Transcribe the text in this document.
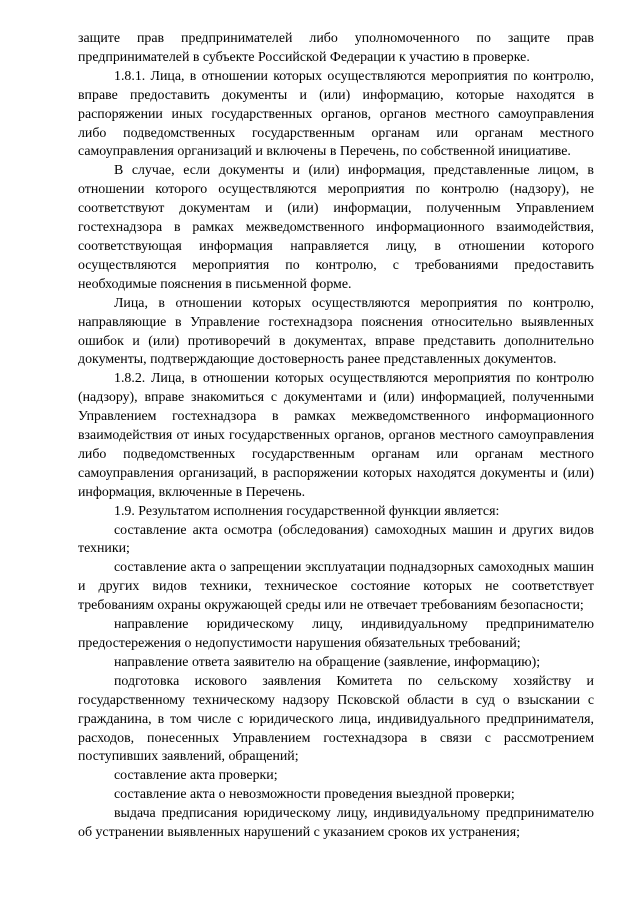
защите прав предпринимателей либо уполномоченного по защите прав предпринимателей в субъекте Российской Федерации к участию в проверке.

1.8.1. Лица, в отношении которых осуществляются мероприятия по контролю, вправе предоставить документы и (или) информацию, которые находятся в распоряжении иных государственных органов, органов местного самоуправления либо подведомственных государственным органам или органам местного самоуправления организаций и включены в Перечень, по собственной инициативе.

В случае, если документы и (или) информация, представленные лицом, в отношении которого осуществляются мероприятия по контролю (надзору), не соответствуют документам и (или) информации, полученным Управлением гостехнадзора в рамках межведомственного информационного взаимодействия, соответствующая информация направляется лицу, в отношении которого осуществляются мероприятия по контролю, с требованиями предоставить необходимые пояснения в письменной форме.

Лица, в отношении которых осуществляются мероприятия по контролю, направляющие в Управление гостехнадзора пояснения относительно выявленных ошибок и (или) противоречий в документах, вправе представить дополнительно документы, подтверждающие достоверность ранее представленных документов.

1.8.2. Лица, в отношении которых осуществляются мероприятия по контролю (надзору), вправе знакомиться с документами и (или) информацией, полученными Управлением гостехнадзора в рамках межведомственного информационного взаимодействия от иных государственных органов, органов местного самоуправления либо подведомственных государственным органам или органам местного самоуправления организаций, в распоряжении которых находятся документы и (или) информация, включенные в Перечень.

1.9. Результатом исполнения государственной функции является:

составление акта осмотра (обследования) самоходных машин и других видов техники;

составление акта о запрещении эксплуатации поднадзорных самоходных машин и других видов техники, техническое состояние которых не соответствует требованиям охраны окружающей среды или не отвечает требованиям безопасности;

направление юридическому лицу, индивидуальному предпринимателю предостережения о недопустимости нарушения обязательных требований;

направление ответа заявителю на обращение (заявление, информацию);

подготовка искового заявления Комитета по сельскому хозяйству и государственному техническому надзору Псковской области в суд о взыскании с гражданина, в том числе с юридического лица, индивидуального предпринимателя, расходов, понесенных Управлением гостехнадзора в связи с рассмотрением поступивших заявлений, обращений;

составление акта проверки;

составление акта о невозможности проведения выездной проверки;

выдача предписания юридическому лицу, индивидуальному предпринимателю об устранении выявленных нарушений с указанием сроков их устранения;
